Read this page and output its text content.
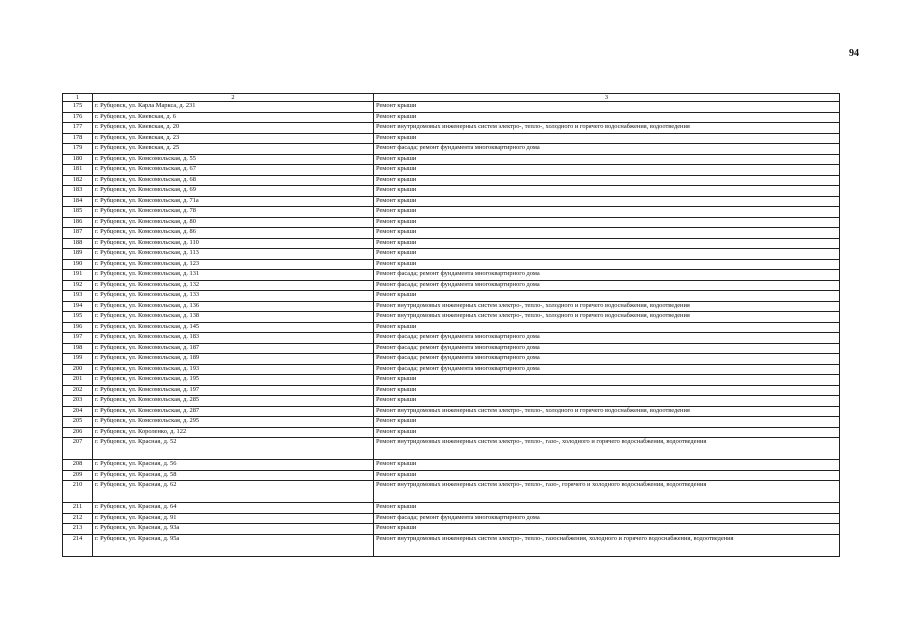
94
1	2	3
175	г. Рубцовск, ул. Карла Маркса, д. 231	Ремонт крыши
176	г. Рубцовск, ул. Киевская, д. 6	Ремонт крыши
177	г. Рубцовск, ул. Киевская, д. 20	Ремонт внутридомовых инженерных систем электро-, тепло-, холодного и горячего водоснабжения, водоотведения
178	г. Рубцовск, ул. Киевская, д. 23	Ремонт крыши
179	г. Рубцовск, ул. Киевская, д. 25	Ремонт фасада; ремонт фундамента многоквартирного дома
180	г. Рубцовск, ул. Комсомольская, д. 55	Ремонт крыши
181	г. Рубцовск, ул. Комсомольская, д. 67	Ремонт крыши
182	г. Рубцовск, ул. Комсомольская, д. 68	Ремонт крыши
183	г. Рубцовск, ул. Комсомольская, д. 69	Ремонт крыши
184	г. Рубцовск, ул. Комсомольская, д. 71а	Ремонт крыши
185	г. Рубцовск, ул. Комсомольская, д. 78	Ремонт крыши
186	г. Рубцовск, ул. Комсомольская, д. 80	Ремонт крыши
187	г. Рубцовск, ул. Комсомольская, д. 86	Ремонт крыши
188	г. Рубцовск, ул. Комсомольская, д. 110	Ремонт крыши
189	г. Рубцовск, ул. Комсомольская, д. 113	Ремонт крыши
190	г. Рубцовск, ул. Комсомольская, д. 123	Ремонт крыши
191	г. Рубцовск, ул. Комсомольская, д. 131	Ремонт фасада; ремонт фундамента многоквартирного дома
192	г. Рубцовск, ул. Комсомольская, д. 132	Ремонт фасада; ремонт фундамента многоквартирного дома
193	г. Рубцовск, ул. Комсомольская, д. 133	Ремонт крыши
194	г. Рубцовск, ул. Комсомольская, д. 136	Ремонт внутридомовых инженерных систем электро-, тепло-, холодного и горячего водоснабжения, водоотведения
195	г. Рубцовск, ул. Комсомольская, д. 138	Ремонт внутридомовых инженерных систем электро-, тепло-, холодного и горячего водоснабжения, водоотведения
196	г. Рубцовск, ул. Комсомольская, д. 145	Ремонт крыши
197	г. Рубцовск, ул. Комсомольская, д. 183	Ремонт фасада; ремонт фундамента многоквартирного дома
198	г. Рубцовск, ул. Комсомольская, д. 187	Ремонт фасада; ремонт фундамента многоквартирного дома
199	г. Рубцовск, ул. Комсомольская, д. 189	Ремонт фасада; ремонт фундамента многоквартирного дома
200	г. Рубцовск, ул. Комсомольская, д. 193	Ремонт фасада; ремонт фундамента многоквартирного дома
201	г. Рубцовск, ул. Комсомольская, д. 195	Ремонт крыши
202	г. Рубцовск, ул. Комсомольская, д. 197	Ремонт крыши
203	г. Рубцовск, ул. Комсомольская, д. 285	Ремонт крыши
204	г. Рубцовск, ул. Комсомольская, д. 287	Ремонт внутридомовых инженерных систем электро-, тепло-, холодного и горячего водоснабжения, водоотведения
205	г. Рубцовск, ул. Комсомольская, д. 295	Ремонт крыши
206	г. Рубцовск, ул. Короленко, д. 122	Ремонт крыши
207	г. Рубцовск, ул. Красная, д. 52	Ремонт внутридомовых инженерных систем электро-, тепло-, газо-, холодного и горячего водоснабжения, водоотведения
208	г. Рубцовск, ул. Красная, д. 56	Ремонт крыши
209	г. Рубцовск, ул. Красная, д. 58	Ремонт крыши
210	г. Рубцовск, ул. Красная, д. 62	Ремонт внутридомовых инженерных систем электро-, тепло-, газо-, горячего и холодного водоснабжения, водоотведения
211	г. Рубцовск, ул. Красная, д. 64	Ремонт крыши
212	г. Рубцовск, ул. Красная, д. 91	Ремонт фасада; ремонт фундамента многоквартирного дома
213	г. Рубцовск, ул. Красная, д. 93а	Ремонт крыши
214	г. Рубцовск, ул. Красная, д. 95а	Ремонт внутридомовых инженерных систем электро-, тепло-, газоснабжения, холодного и горячего водоснабжения, водоотведения
